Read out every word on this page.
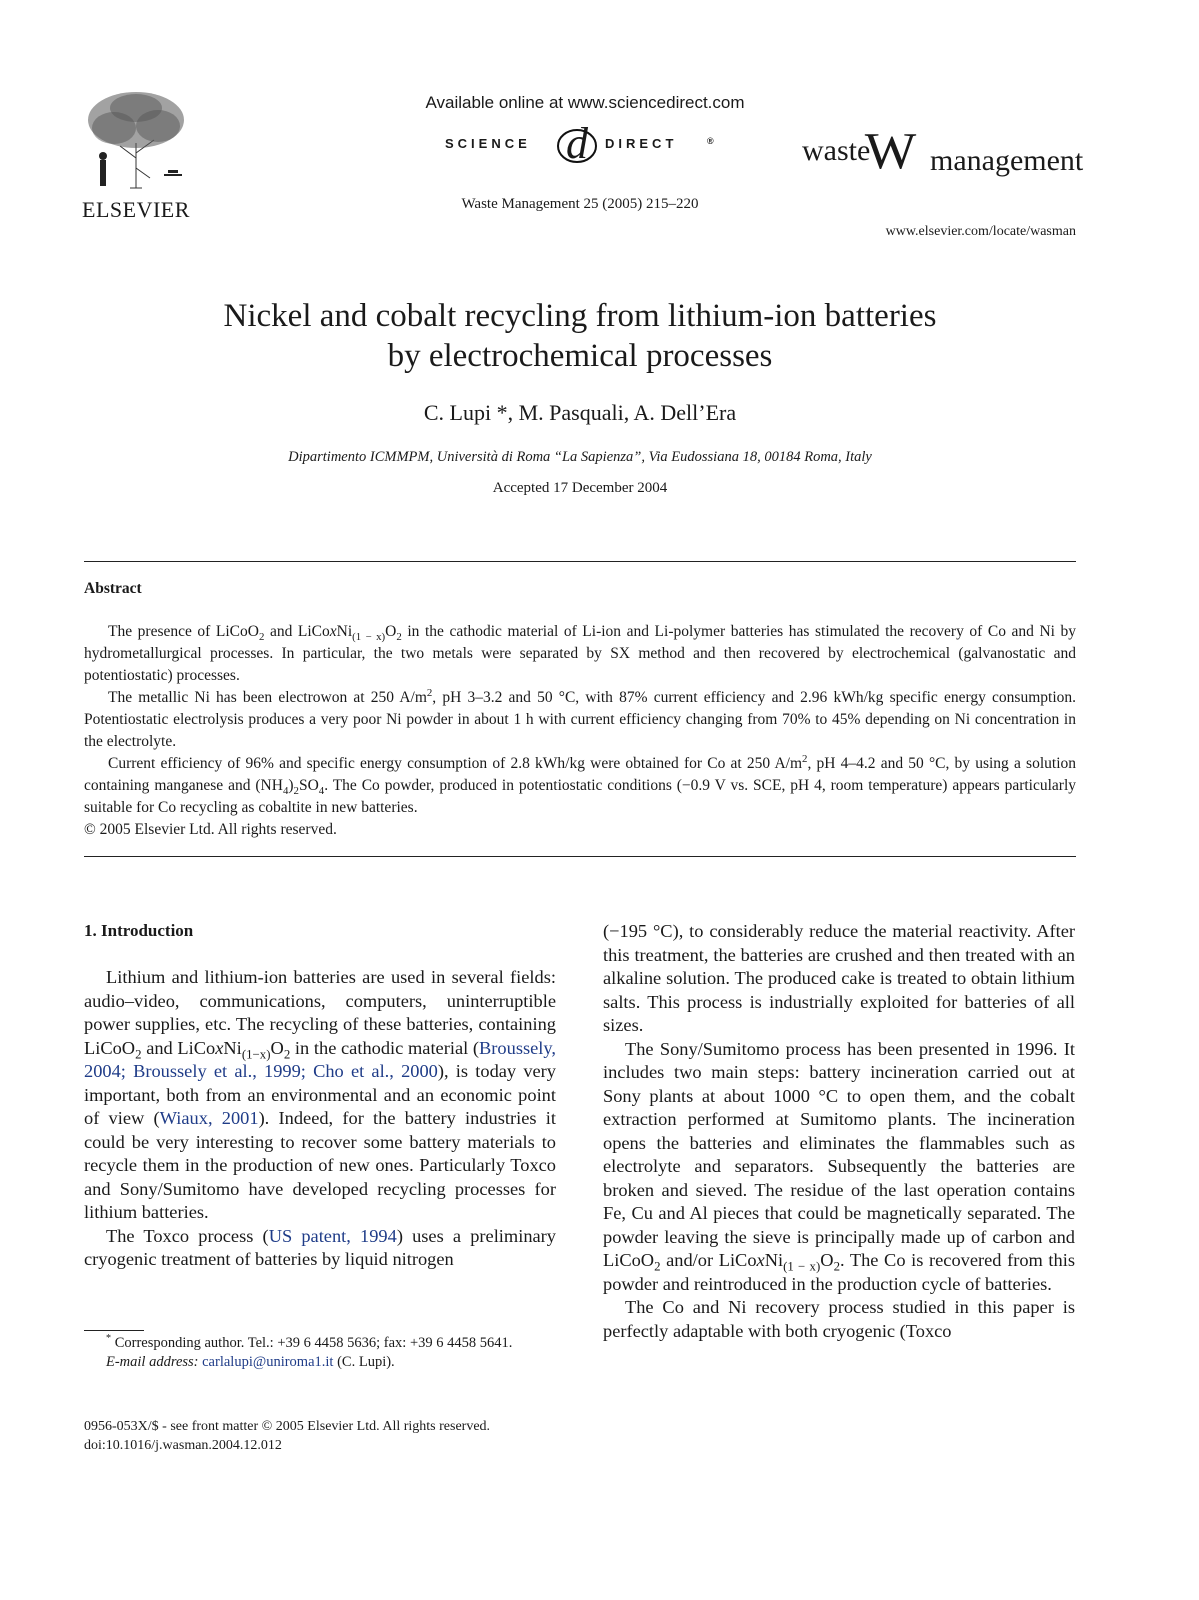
ELSEVIER
Available online at www.sciencedirect.com
SCIENCE d DIRECT	®
Waste Management 25 (2005) 215–220
waste
W management
www.elsevier.com/locate/wasman
Nickel and cobalt recycling from lithium-ion batteries
by electrochemical processes
C. Lupi *, M. Pasquali, A. Dell’Era
Dipartimento ICMMPM, Università di Roma “La Sapienza”, Via Eudossiana 18, 00184 Roma, Italy
Accepted 17 December 2004
Abstract

The presence of LiCoO$_2$ and $LiCoxNi_{(1 - x)}O_2$ in the cathodic material of Li-ion and Li-polymer batteries has stimulated the recovery of Co and Ni by hydrometallurgical processes. In particular, the two metals were separated by SX method and then recovered by electrochemical (galvanostatic and potentiostatic) processes.

The metallic Ni has been electrowon at 250 $A/m^2$, pH 3–3.2 and 50 °C, with 87% current efficiency and 2.96 kWh/kg specific energy consumption. Potentiostatic electrolysis produces a very poor Ni powder in about 1 h with current efficiency changing from 70% to 45% depending on Ni concentration in the electrolyte.

Current efficiency of 96% and specific energy consumption of 2.8 kWh/kg were obtained for Co at 250 $A/m^2$, pH 4–4.2 and 50 °C, by using a solution containing manganese and $(NH_4)_2SO_4$. The Co powder, produced in potentiostatic conditions (−0.9 V vs. SCE, pH 4, room temperature) appears particularly suitable for Co recycling as cobaltite in new batteries.

© 2005 Elsevier Ltd. All rights reserved.

1. Introduction

Lithium and lithium-ion batteries are used in several fields: audio–video, communications, computers, uninterruptible power supplies, etc. The recycling of these batteries, containing LiCoO$_2$ and $LiCoxNi_{(1-x)}O_2$ in the cathodic material (Broussely, 2004; Broussely et al., 1999; Cho et al., 2000), is today very important, both from an environmental and an economic point of view (Wiaux, 2001). Indeed, for the battery industries it could be very interesting to recover some battery materials to recycle them in the production of new ones. Particularly Toxco and Sony/Sumitomo have developed recycling processes for lithium batteries.

The Toxco process (US patent, 1994) uses a preliminary cryogenic treatment of batteries by liquid nitrogen

(−195 °C), to considerably reduce the material reactivity. After this treatment, the batteries are crushed and then treated with an alkaline solution. The produced cake is treated to obtain lithium salts. This process is industrially exploited for batteries of all sizes.

The Sony/Sumitomo process has been presented in 1996. It includes two main steps: battery incineration carried out at Sony plants at about 1000 °C to open them, and the cobalt extraction performed at Sumitomo plants. The incineration opens the batteries and eliminates the flammables such as electrolyte and separators. Subsequently the batteries are broken and sieved. The residue of the last operation contains Fe, Cu and Al pieces that could be magnetically separated. The powder leaving the sieve is principally made up of carbon and LiCoO$_2$ and/or $LiCoxNi_{(1 - x)}O_2$. The Co is recovered from this powder and reintroduced in the production cycle of batteries.

The Co and Ni recovery process studied in this paper is perfectly adaptable with both cryogenic (Toxco

* Corresponding author. Tel.: +39 6 4458 5636; fax: +39 6 4458 5641.

E-mail address: carlalupi@uniroma1.it (C. Lupi).

0956-053X/$ - see front matter © 2005 Elsevier Ltd. All rights reserved.
doi:10.1016/j.wasman.2004.12.012
